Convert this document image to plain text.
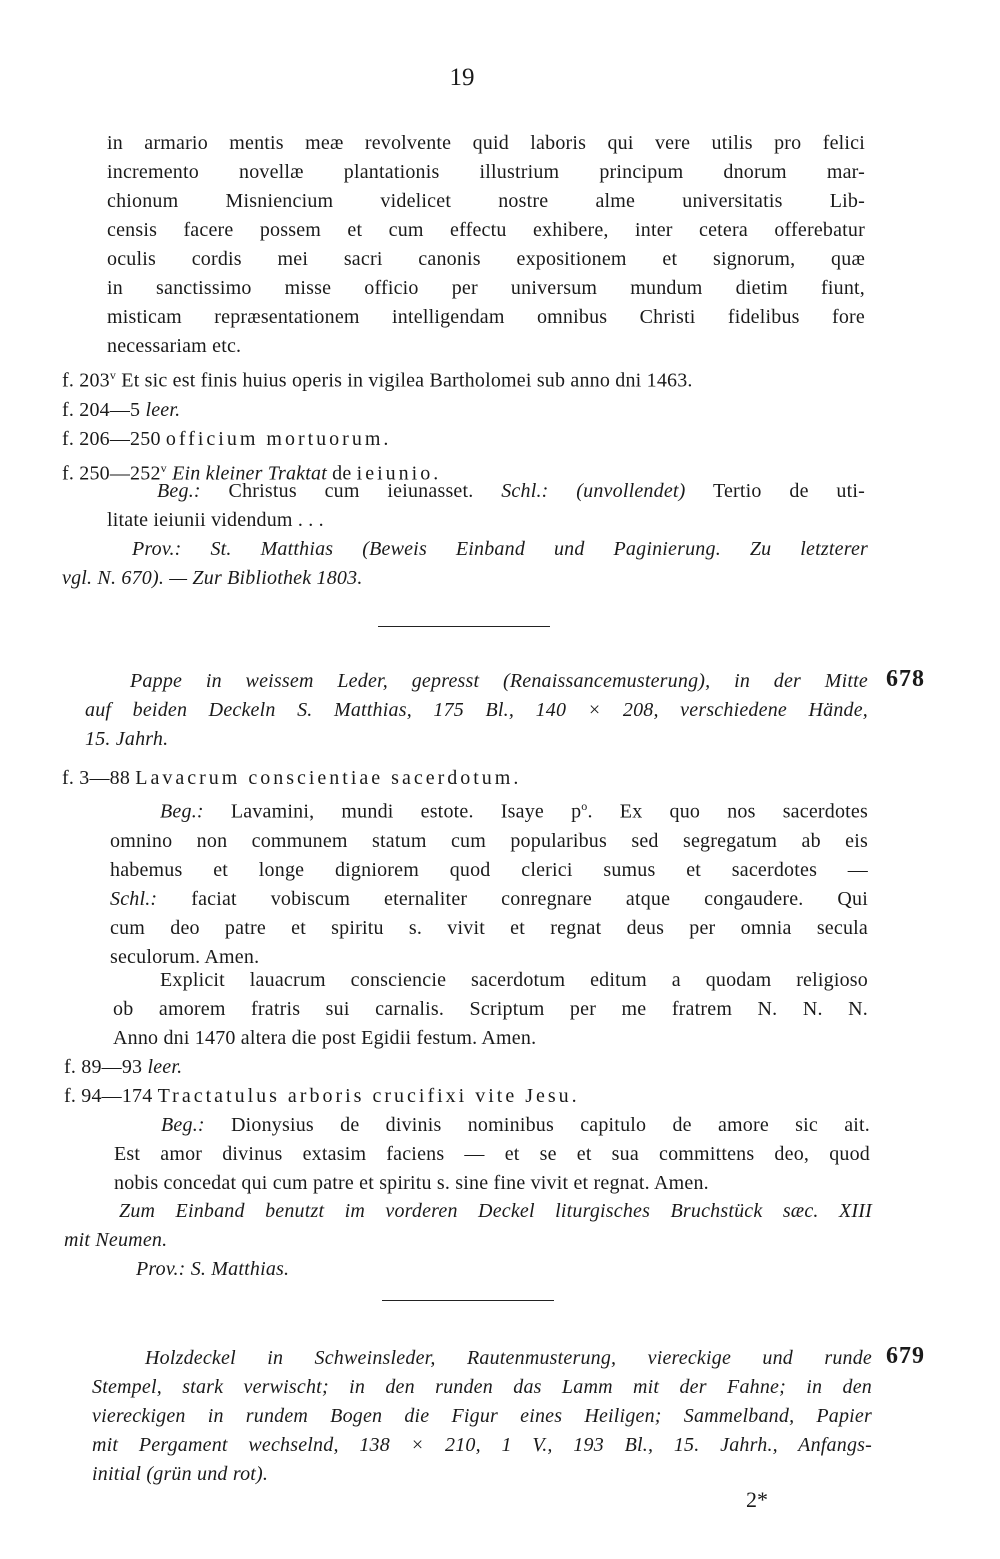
19
in armario mentis meæ revolvente quid laboris qui vere utilis pro felici
incremento novellæ plantationis illustrium principum dnorum mar-
chionum Misniencium videlicet nostre alme universitatis Lib-
censis facere possem et cum effectu exhibere, inter cetera offerebatur
oculis cordis mei sacri canonis expositionem et signorum, quæ
in sanctissimo misse officio per universum mundum dietim fiunt,
misticam repræsentationem intelligendam omnibus Christi fidelibus fore
necessariam etc.
f. 203$^v$ Et sic est finis huius operis in vigilea Bartholomei sub anno dni 1463.
f. 204—5 leer.
f. 206—250 officium mortuorum.
f. 250—252$^v$ Ein kleiner Traktat de ieiunio.
Beg.: Christus cum ieiunasset. Schl.: (unvollendet) Tertio de uti-
litate ieiunii videndum . . .
Prov.: St. Matthias (Beweis Einband und Paginierung. Zu letzterer
vgl. N. 670). — Zur Bibliothek 1803.
Pappe in weissem Leder, gepresst (Renaissancemusterung), in der Mitte
auf beiden Deckeln S. Matthias, 175 Bl., 140 × 208, verschiedene Hände,
15. Jahrh.
678
f. 3—88 Lavacrum conscientiae sacerdotum.
Beg.: Lavamini, mundi estote. Isaye $p^o$. Ex quo nos sacerdotes
omnino non communem statum cum popularibus sed segregatum ab eis
habemus et longe digniorem quod clerici sumus et sacerdotes —
Schl.: faciat vobiscum eternaliter conregnare atque congaudere. Qui
cum deo patre et spiritu s. vivit et regnat deus per omnia secula
seculorum. Amen.
Explicit lauacrum consciencie sacerdotum editum a quodam religioso
ob amorem fratris sui carnalis. Scriptum per me fratrem N. N. N.
Anno dni 1470 altera die post Egidii festum. Amen.
f. 89—93 leer.
f. 94—174 Tractatulus arboris crucifixi vite Jesu.
Beg.: Dionysius de divinis nominibus capitulo de amore sic ait.
Est amor divinus extasim faciens — et se et sua committens deo, quod
nobis concedat qui cum patre et spiritu s. sine fine vivit et regnat. Amen.
Zum Einband benutzt im vorderen Deckel liturgisches Bruchstück sæc. XIII
mit Neumen.
Prov.: S. Matthias.
Holzdeckel in Schweinsleder, Rautenmusterung, viereckige und runde
Stempel, stark verwischt; in den runden das Lamm mit der Fahne; in den
viereckigen in rundem Bogen die Figur eines Heiligen; Sammelband, Papier
mit Pergament wechselnd, 138 × 210, 1 V., 193 Bl., 15. Jahrh., Anfangs-
initial (grün und rot).
679
2*
